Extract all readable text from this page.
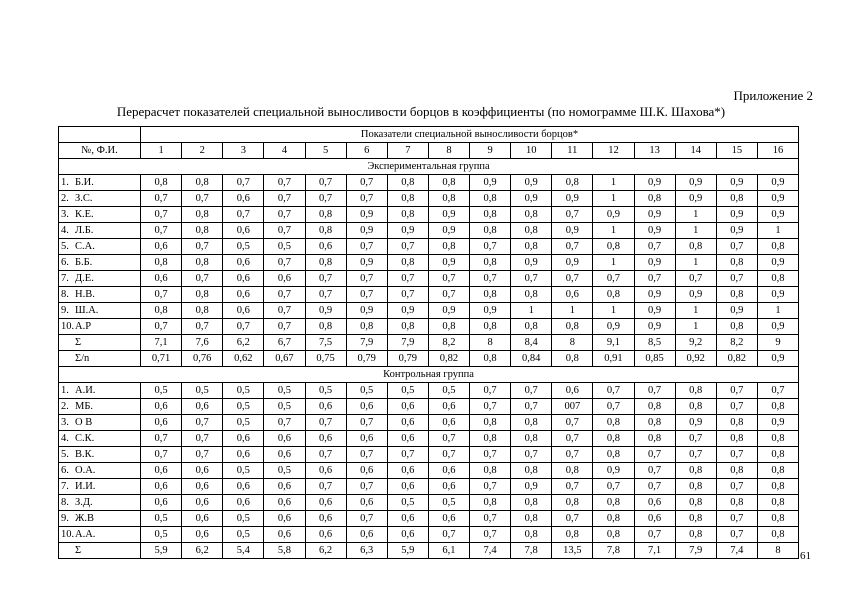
Приложение 2
Перерасчет показателей специальной выносливости борцов в коэффициенты (по номограмме Ш.К. Шахова*)
	Показатели специальной выносливости борцов*															
№, Ф.И.	1	2	3	4	5	6	7	8	9	10	11	12	13	14	15	16
Экспериментальная группа																
1. Б.И.	0,8	0,8	0,7	0,7	0,7	0,7	0,8	0,8	0,9	0,9	0,8	1	0,9	0,9	0,9	0,9
2. З.С.	0,7	0,7	0,6	0,7	0,7	0,7	0,8	0,8	0,8	0,9	0,9	1	0,8	0,9	0,8	0,9
3. К.Е.	0,7	0,8	0,7	0,7	0,8	0,9	0,8	0,9	0,8	0,8	0,7	0,9	0,9	1	0,9	0,9
4. Л.Б.	0,7	0,8	0,6	0,7	0,8	0,9	0,9	0,9	0,8	0,8	0,9	1	0,9	1	0,9	1
5. С.А.	0,6	0,7	0,5	0,5	0,6	0,7	0,7	0,8	0,7	0,8	0,7	0,8	0,7	0,8	0,7	0,8
6. Б.Б.	0,8	0,8	0,6	0,7	0,8	0,9	0,8	0,9	0,8	0,9	0,9	1	0,9	1	0,8	0,9
7. Д.Е.	0,6	0,7	0,6	0,6	0,7	0,7	0,7	0,7	0,7	0,7	0,7	0,7	0,7	0,7	0,7	0,8
8. Н.В.	0,7	0,8	0,6	0,7	0,7	0,7	0,7	0,7	0,8	0,8	0,6	0,8	0,9	0,9	0,8	0,9
9. Ш.А.	0,8	0,8	0,6	0,7	0,9	0,9	0,9	0,9	0,9	1	1	1	0,9	1	0,9	1
10.А.Р	0,7	0,7	0,7	0,7	0,8	0,8	0,8	0,8	0,8	0,8	0,8	0,9	0,9	1	0,8	0,9
Σ	7,1	7,6	6,2	6,7	7,5	7,9	7,9	8,2	8	8,4	8	9,1	8,5	9,2	8,2	9
Σ/n	0,71	0,76	0,62	0,67	0,75	0,79	0,79	0,82	0,8	0,84	0,8	0,91	0,85	0,92	0,82	0,9
Контрольная группа																
1. А.И.	0,5	0,5	0,5	0,5	0,5	0,5	0,5	0,5	0,7	0,7	0,6	0,7	0,7	0,8	0,7	0,7
2. МБ.	0,6	0,6	0,5	0,5	0,6	0,6	0,6	0,6	0,7	0,7	007	0,7	0,8	0,8	0,7	0,8
3. О В	0,6	0,7	0,5	0,7	0,7	0,7	0,6	0,6	0,8	0,8	0,7	0,8	0,8	0,9	0,8	0,9
4. С.К.	0,7	0,7	0,6	0,6	0,6	0,6	0,6	0,7	0,8	0,8	0,7	0,8	0,8	0,7	0,8	0,8
5. В.К.	0,7	0,7	0,6	0,6	0,7	0,7	0,7	0,7	0,7	0,7	0,7	0,8	0,7	0,7	0,7	0,8
6. О.А.	0,6	0,6	0,5	0,5	0,6	0,6	0,6	0,6	0,8	0,8	0,8	0,9	0,7	0,8	0,8	0,8
7. И.И.	0,6	0,6	0,6	0,6	0,7	0,7	0,6	0,6	0,7	0,9	0,7	0,7	0,7	0,8	0,7	0,8
8. З.Д.	0,6	0,6	0,6	0,6	0,6	0,6	0,5	0,5	0,8	0,8	0,8	0,8	0,6	0,8	0,8	0,8
9. Ж.В	0,5	0,6	0,5	0,6	0,6	0,7	0,6	0,6	0,7	0,8	0,7	0,8	0,6	0,8	0,7	0,8
10.А.А.	0,5	0,6	0,5	0,6	0,6	0,6	0,6	0,7	0,7	0,8	0,8	0,8	0,7	0,8	0,7	0,8
Σ	5,9	6,2	5,4	5,8	6,2	6,3	5,9	6,1	7,4	7,8	13,5	7,8	7,1	7,9	7,4	8 61
